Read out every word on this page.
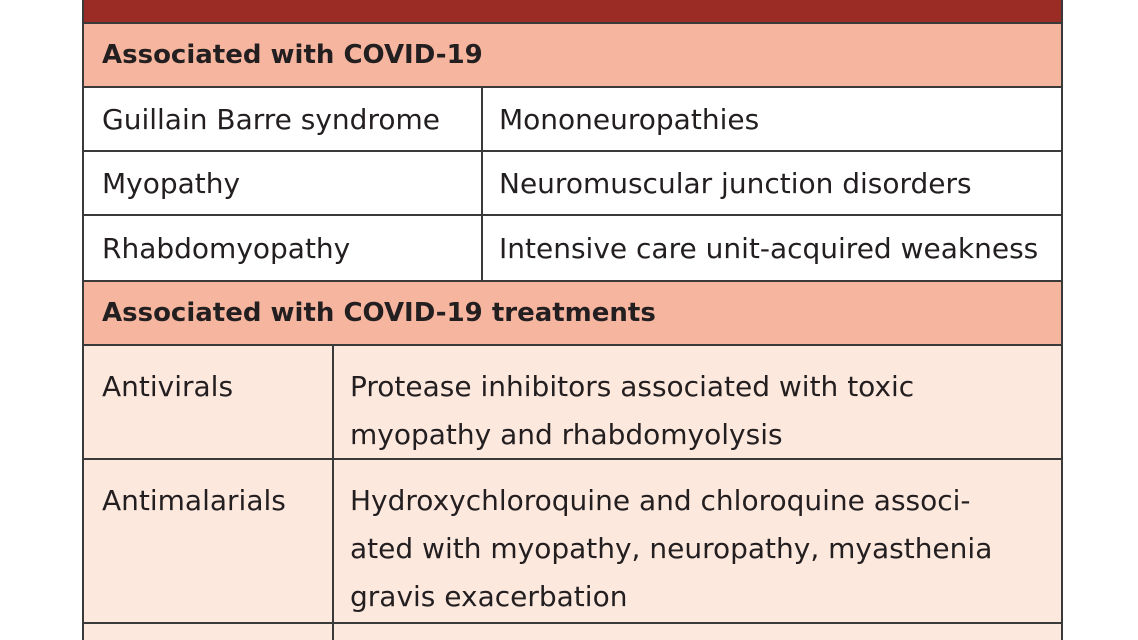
Associated with COVID-19
Guillain Barre syndrome	Mononeuropathies
Myopathy	Neuromuscular junction disorders
Rhabdomyopathy	Intensive care unit-acquired weakness
Associated with COVID-19 treatments
Antivirals	Protease inhibitors associated with toxic
myopathy and rhabdomyolysis
Antimalarials	Hydroxychloroquine and chloroquine associ-
ated with myopathy, neuropathy, myasthenia
gravis exacerbation
